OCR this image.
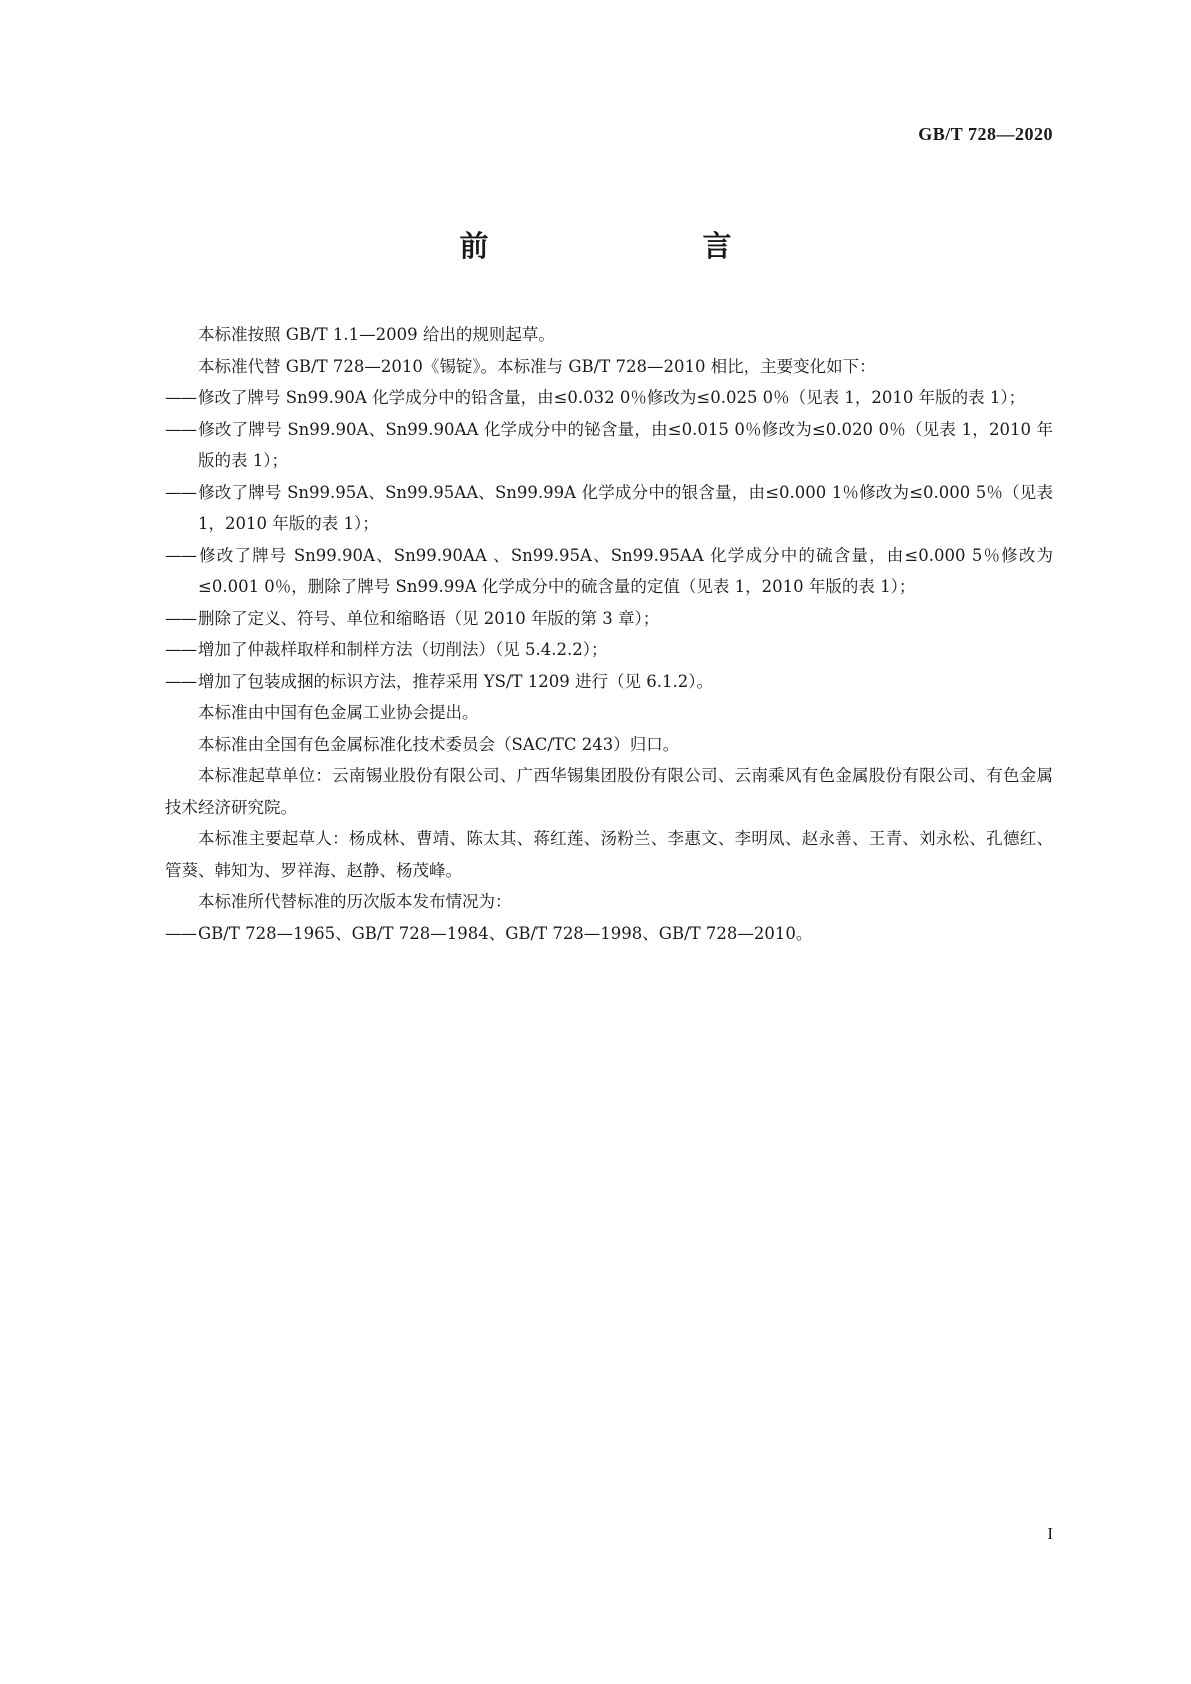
GB/T 728—2020
前　　言

本标准按照 GB/T 1.1—2009 给出的规则起草。

本标准代替 GB/T 728—2010《锡锭》。本标准与 GB/T 728—2010 相比，主要变化如下：

—— 修改了牌号 Sn99.90A 化学成分中的铅含量，由≤0.032 0％修改为≤0.025 0％（见表 1，2010 年版的表 1）；

—— 修改了牌号 Sn99.90A、Sn99.90AA 化学成分中的铋含量，由≤0.015 0％修改为≤0.020 0％（见表 1，2010 年版的表 1）；

—— 修改了牌号 Sn99.95A、Sn99.95AA、Sn99.99A 化学成分中的银含量，由≤0.000 1％修改为≤0.000 5％（见表 1，2010 年版的表 1）；

—— 修改了牌号 Sn99.90A、Sn99.90AA 、Sn99.95A、Sn99.95AA 化学成分中的硫含量，由≤0.000 5％修改为≤0.001 0％，删除了牌号 Sn99.99A 化学成分中的硫含量的定值（见表 1，2010 年版的表 1）；

—— 删除了定义、符号、单位和缩略语（见 2010 年版的第 3 章）；

—— 增加了仲裁样取样和制样方法（切削法）（见 5.4.2.2）；

—— 增加了包装成捆的标识方法，推荐采用 YS/T 1209 进行（见 6.1.2）。

本标准由中国有色金属工业协会提出。

本标准由全国有色金属标准化技术委员会（SAC/TC 243）归口。

本标准起草单位：云南锡业股份有限公司、广西华锡集团股份有限公司、云南乘风有色金属股份有限公司、有色金属技术经济研究院。

本标准主要起草人：杨成林、曹靖、陈太其、蒋红莲、汤粉兰、李惠文、李明凤、赵永善、王青、刘永松、孔德红、管葵、韩知为、罗祥海、赵静、杨茂峰。

本标准所代替标准的历次版本发布情况为：

—— GB/T 728—1965、GB/T 728—1984、GB/T 728—1998、GB/T 728—2010。

I
